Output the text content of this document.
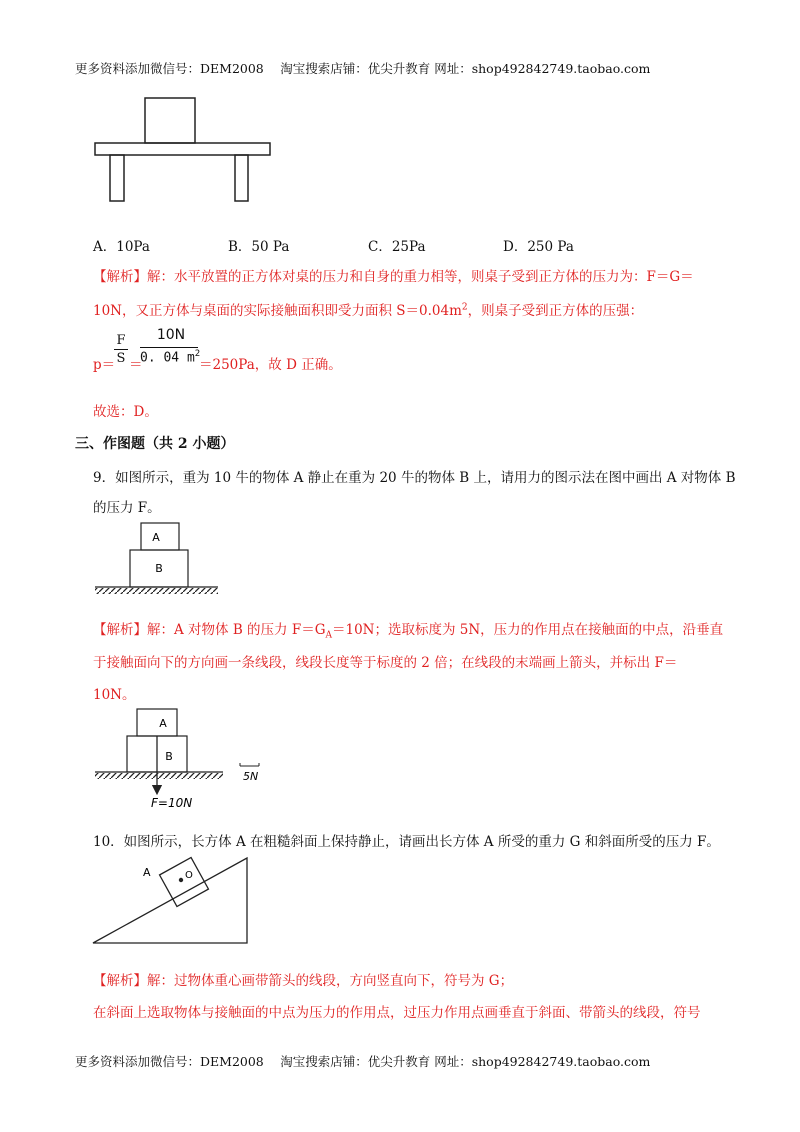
更多资料添加微信号：DEM2008　 淘宝搜索店铺：优尖升教育 网址：shop492842749.taobao.com
A．10Pa	B．50 Pa	C．25Pa	D．250 Pa
【解析】解：水平放置的正方体对桌的压力和自身的重力相等，则桌子受到正方体的压力为：F＝G＝
10N，又正方体与桌面的实际接触面积即受力面积 $S=0.04m^2$，则桌子受到正方体的压强：
p＝
F
S ＝
10N
0. 04 $m^2$
＝250Pa，故 D 正确。
故选：D。
三、作图题（共 2 小题）
9．如图所示，重为 10 牛的物体 A 静止在重为 20 牛的物体 B 上，请用力的图示法在图中画出 A 对物体 B
的压力 F。
A
B
【解析】解：A 对物体 B 的压力 $F=G_A=10N$；选取标度为 5N，压力的作用点在接触面的中点，沿垂直
于接触面向下的方向画一条线段，线段长度等于标度的 2 倍；在线段的末端画上箭头，并标出 F＝
10N。
A
B
F=10N
5N
10．如图所示，长方体 A 在粗糙斜面上保持静止，请画出长方体 A 所受的重力 G 和斜面所受的压力 F。
A	O
【解析】解：过物体重心画带箭头的线段，方向竖直向下，符号为 G；
在斜面上选取物体与接触面的中点为压力的作用点，过压力作用点画垂直于斜面、带箭头的线段，符号
更多资料添加微信号：DEM2008　 淘宝搜索店铺：优尖升教育 网址：shop492842749.taobao.com
